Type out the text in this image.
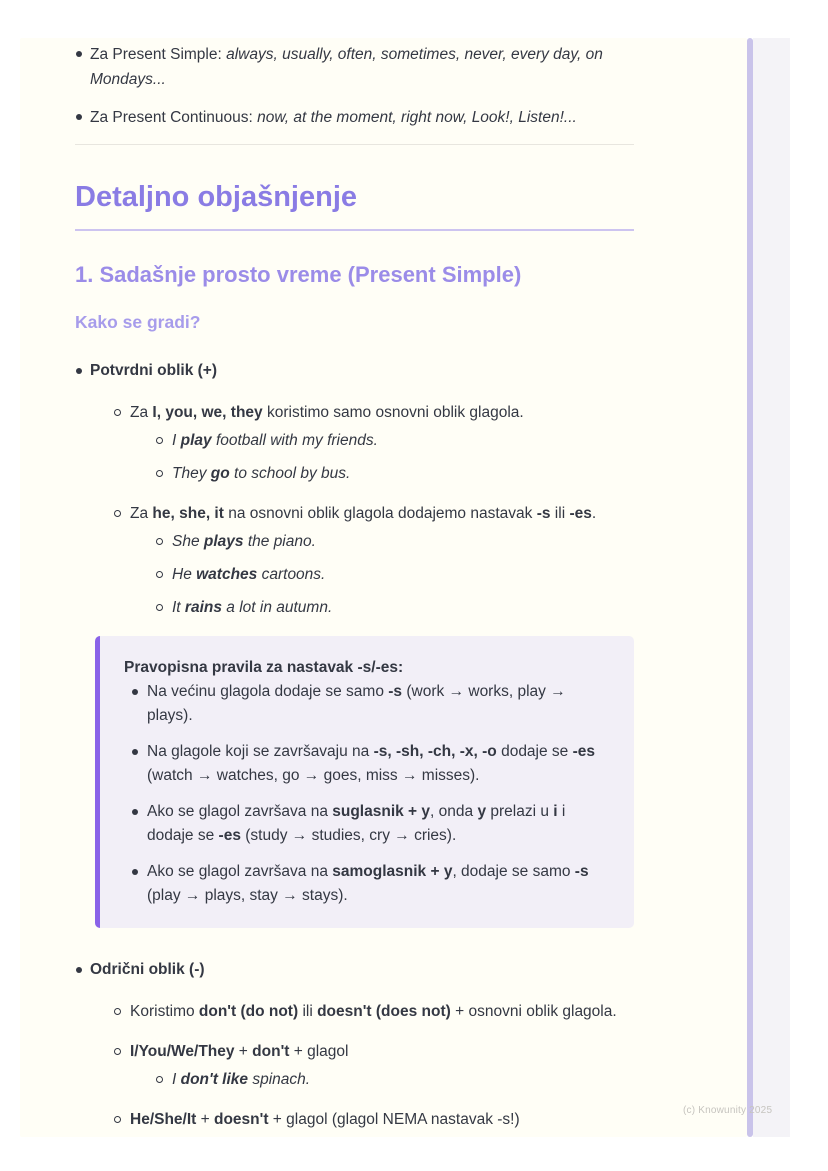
Za Present Simple: always, usually, often, sometimes, never, every day, on Mondays...
Za Present Continuous: now, at the moment, right now, Look!, Listen!...
Detaljno objašnjenje
1. Sadašnje prosto vreme (Present Simple)
Kako se gradi?
Potvrdni oblik (+)
Za I, you, we, they koristimo samo osnovni oblik glagola.
I play football with my friends.
They go to school by bus.
Za he, she, it na osnovni oblik glagola dodajemo nastavak -s ili -es.
She plays the piano.
He watches cartoons.
It rains a lot in autumn.

Pravopisna pravila za nastavak -s/-es:

Na većinu glagola dodaje se samo -s (work → works, play → plays).
Na glagole koji se završavaju na -s, -sh, -ch, -x, -o dodaje se -es (watch → watches, go → goes, miss → misses).
Ako se glagol završava na suglasnik + y, onda y prelazi u i i dodaje se -es (study → studies, cry → cries).
Ako se glagol završava na samoglasnik + y, dodaje se samo -s (play → plays, stay → stays).
Odrični oblik (-)
Koristimo don't (do not) ili doesn't (does not) + osnovni oblik glagola.
I/You/We/They + don't + glagol
I don't like spinach.
He/She/It + doesn't + glagol (glagol NEMA nastavak -s!)
(c) Knowunity 2025
